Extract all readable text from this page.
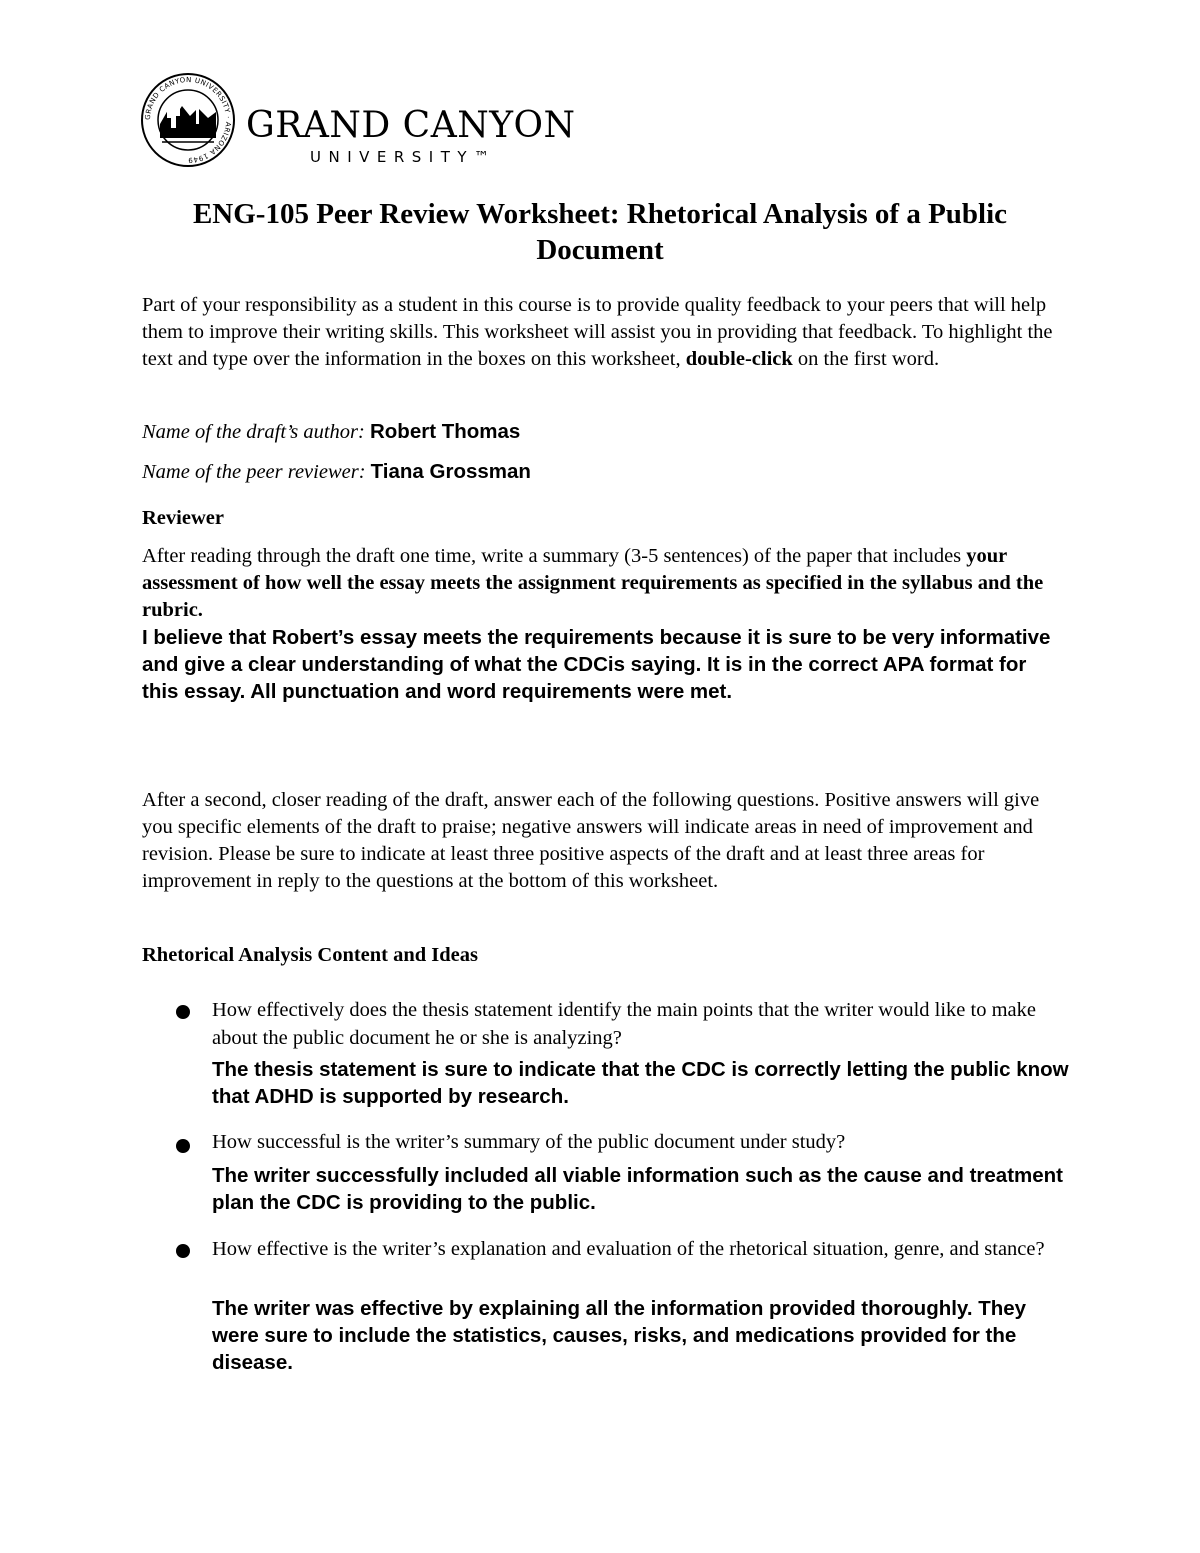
GRAND CANYON UNIVERSITY · ARIZONA 1949
GRAND CANYON
UNIVERSITY™
ENG-105 Peer Review Worksheet: Rhetorical Analysis of a Public Document

Part of your responsibility as a student in this course is to provide quality feedback to your peers that will help them to improve their writing skills. This worksheet will assist you in providing that feedback. To highlight the text and type over the information in the boxes on this worksheet, double-click on the first word.

Name of the draft’s author: Robert Thomas

Name of the peer reviewer: Tiana Grossman

Reviewer

After reading through the draft one time, write a summary (3-5 sentences) of the paper that includes your assessment of how well the essay meets the assignment requirements as specified in the syllabus and the rubric.

I believe that Robert’s essay meets the requirements because it is sure to be very informative and give a clear understanding of what the CDCis saying. It is in the correct APA format for this essay. All punctuation and word requirements were met.

After a second, closer reading of the draft, answer each of the following questions. Positive answers will give you specific elements of the draft to praise; negative answers will indicate areas in need of improvement and revision. Please be sure to indicate at least three positive aspects of the draft and at least three areas for improvement in reply to the questions at the bottom of this worksheet.

Rhetorical Analysis Content and Ideas

How effectively does the thesis statement identify the main points that the writer would like to make about the public document he or she is analyzing?

The thesis statement is sure to indicate that the CDC is correctly letting the public know that ADHD is supported by research.

How successful is the writer’s summary of the public document under study?

The writer successfully included all viable information such as the cause and treatment plan the CDC is providing to the public.

How effective is the writer’s explanation and evaluation of the rhetorical situation, genre, and stance?

The writer was effective by explaining all the information provided thoroughly. They were sure to include the statistics, causes, risks, and medications provided for the disease.
